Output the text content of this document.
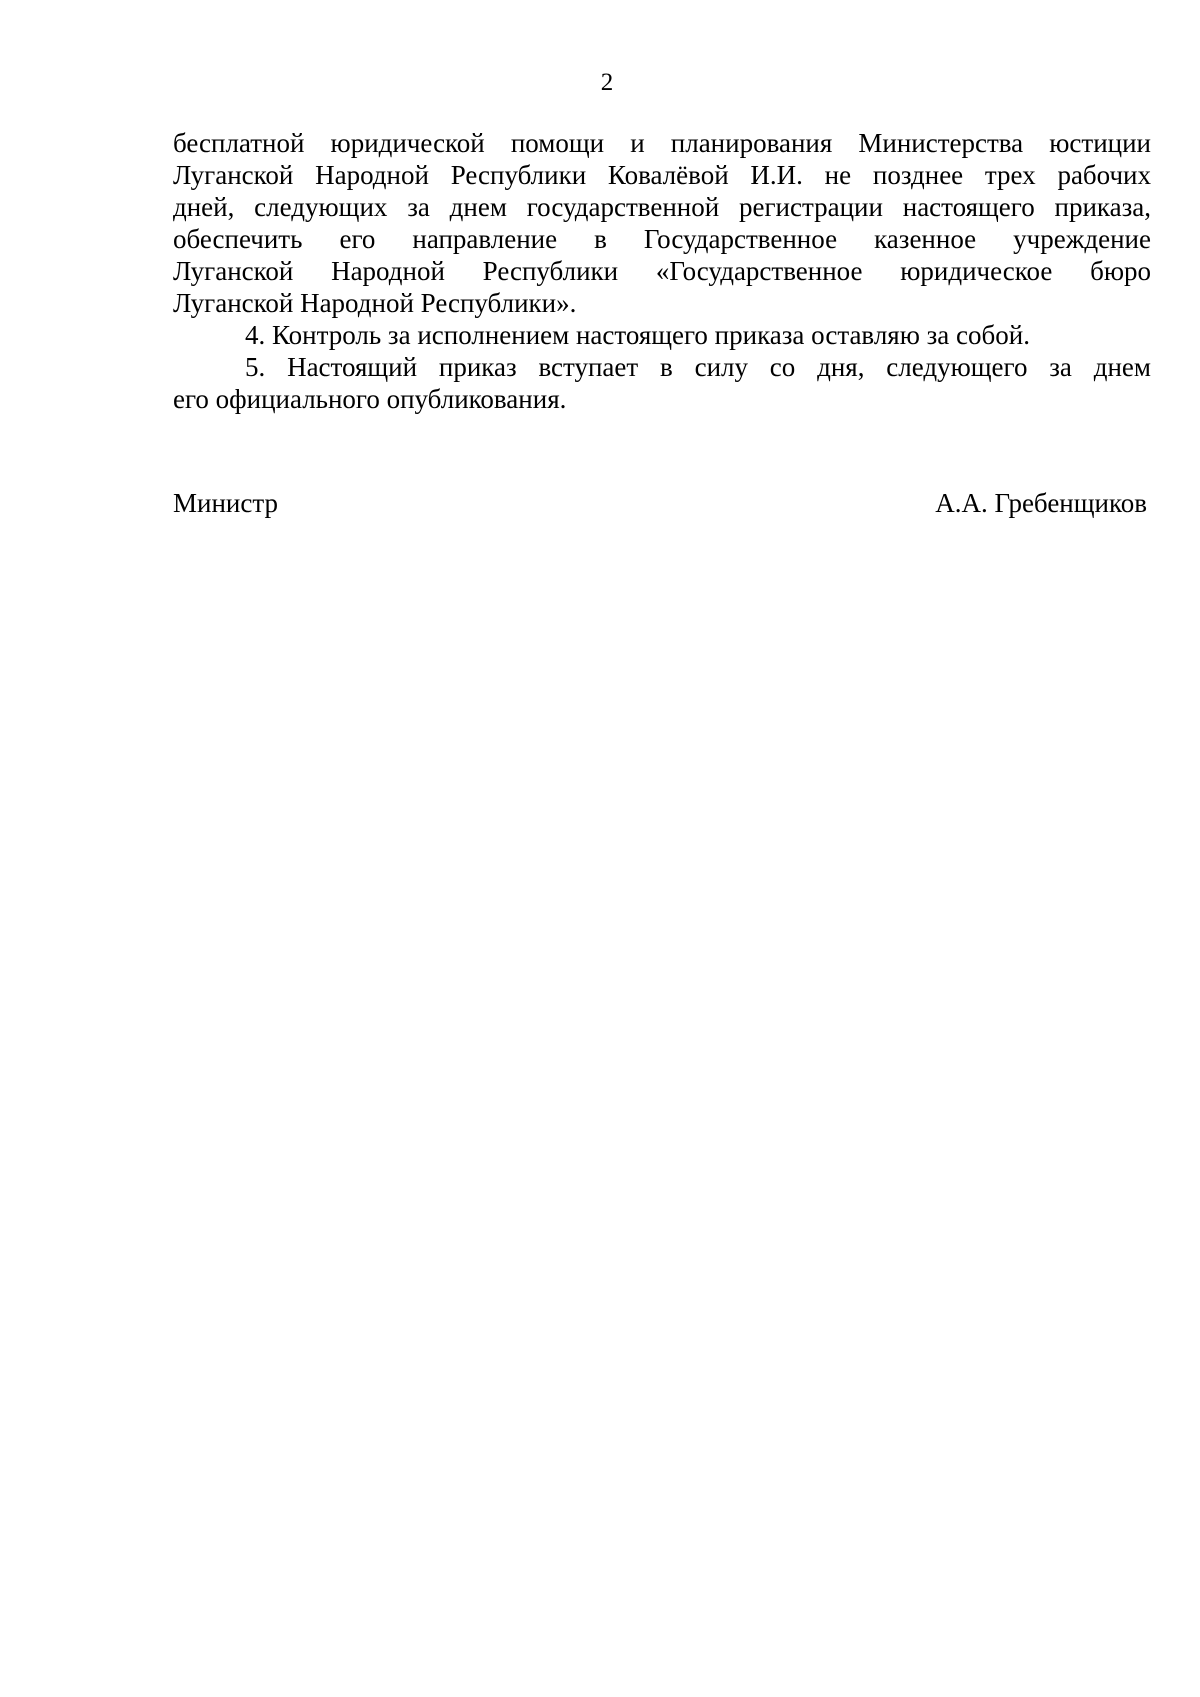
2
бесплатной юридической помощи и планирования Министерства юстиции
Луганской Народной Республики Ковалёвой И.И. не позднее трех рабочих
дней, следующих за днем государственной регистрации настоящего приказа,
обеспечить его направление в Государственное казенное учреждение
Луганской Народной Республики «Государственное юридическое бюро
Луганской Народной Республики».
4. Контроль за исполнением настоящего приказа оставляю за собой.
5. Настоящий приказ вступает в силу со дня, следующего за днем
его официального опубликования.
Министр	А.А. Гребенщиков
